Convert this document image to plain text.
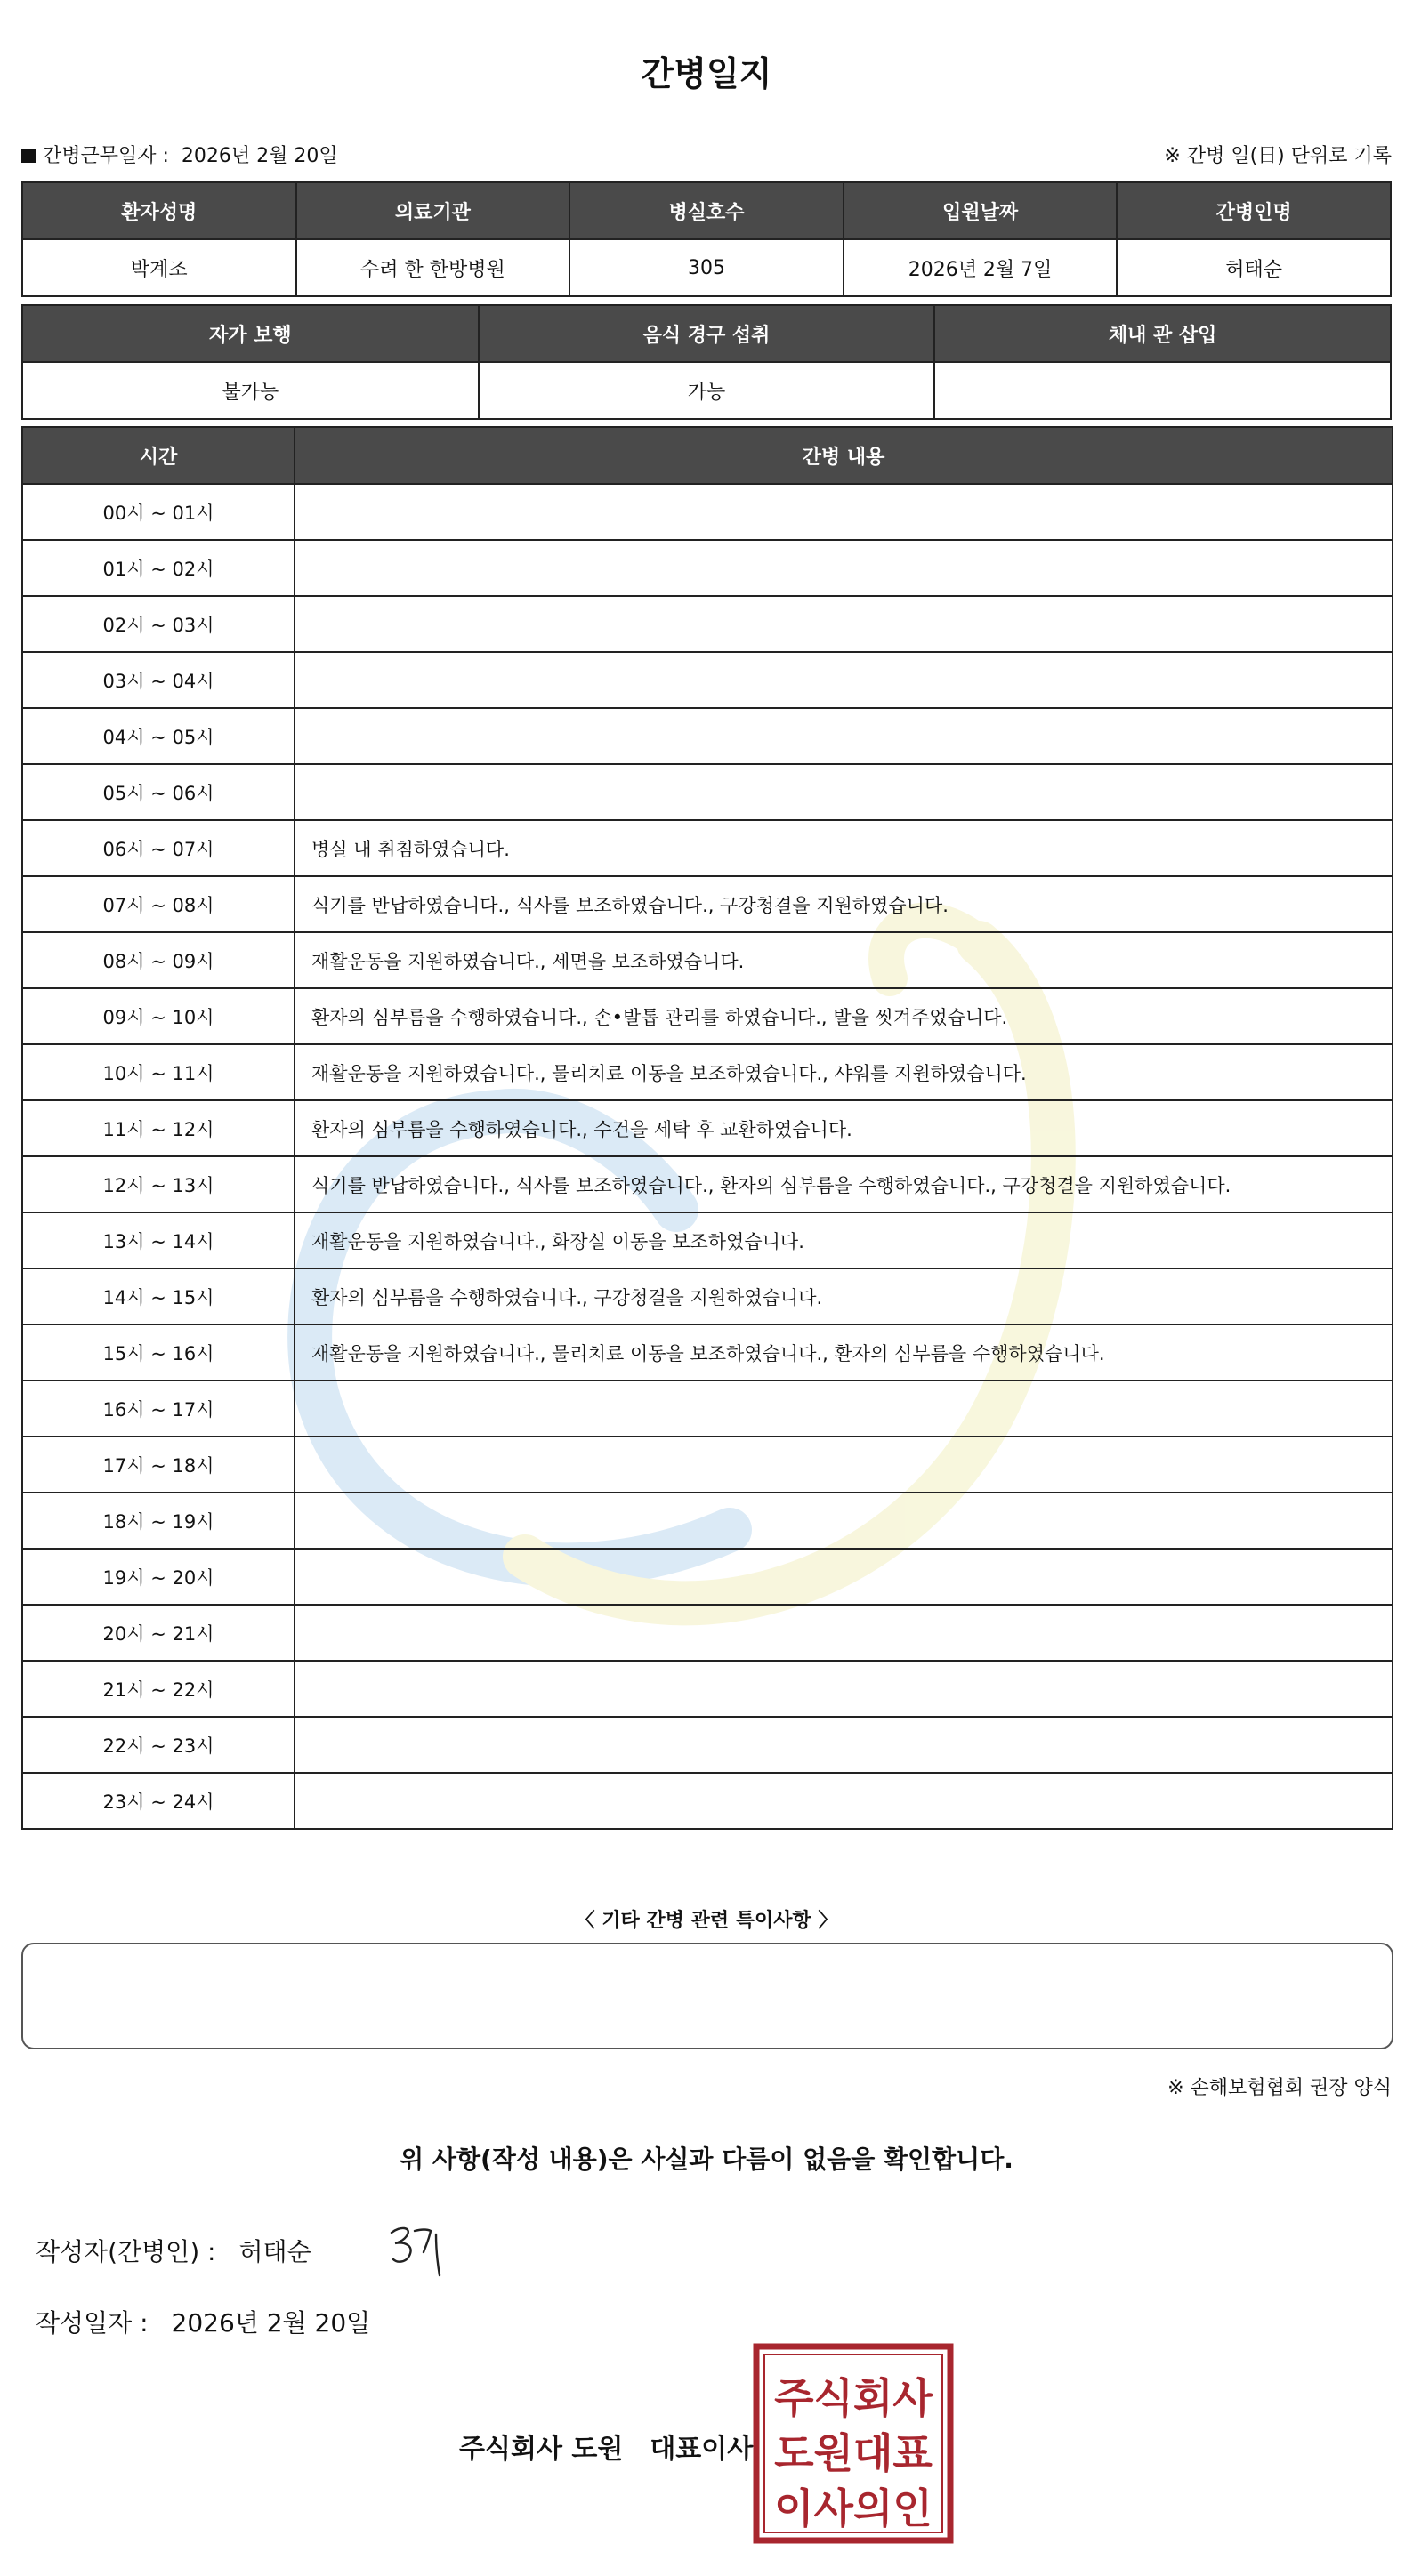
간병일지
간병근무일자 : 2026년 2월 20일	※ 간병 일(日) 단위로 기록
환자성명	의료기관	병실호수	입원날짜	간병인명
박계조	수려 한 한방병원	305	2026년 2월 7일	허태순
자가 보행	음식 경구 섭취	체내 관 삽입
불가능	가능	
시간	간병 내용
00시 ~ 01시	
01시 ~ 02시	
02시 ~ 03시	
03시 ~ 04시	
04시 ~ 05시	
05시 ~ 06시	
06시 ~ 07시	병실 내 취침하였습니다.
07시 ~ 08시	식기를 반납하였습니다., 식사를 보조하였습니다., 구강청결을 지원하였습니다.
08시 ~ 09시	재활운동을 지원하였습니다., 세면을 보조하였습니다.
09시 ~ 10시	환자의 심부름을 수행하였습니다., 손•발톱 관리를 하였습니다., 발을 씻겨주었습니다.
10시 ~ 11시	재활운동을 지원하였습니다., 물리치료 이동을 보조하였습니다., 샤워를 지원하였습니다.
11시 ~ 12시	환자의 심부름을 수행하였습니다., 수건을 세탁 후 교환하였습니다.
12시 ~ 13시	식기를 반납하였습니다., 식사를 보조하였습니다., 환자의 심부름을 수행하였습니다., 구강청결을 지원하였습니다.
13시 ~ 14시	재활운동을 지원하였습니다., 화장실 이동을 보조하였습니다.
14시 ~ 15시	환자의 심부름을 수행하였습니다., 구강청결을 지원하였습니다.
15시 ~ 16시	재활운동을 지원하였습니다., 물리치료 이동을 보조하였습니다., 환자의 심부름을 수행하였습니다.
16시 ~ 17시	
17시 ~ 18시	
18시 ~ 19시	
19시 ~ 20시	
20시 ~ 21시	
21시 ~ 22시	
22시 ~ 23시	
23시 ~ 24시	
〈 기타 간병 관련 특이사항 〉
※ 손해보험협회 권장 양식
위 사항(작성 내용)은 사실과 다름이 없음을 확인합니다.
작성자(간병인) : 허태순
작성일자 : 2026년 2월 20일
주식회사 도원 대표이사
주식회사
도원대표
이사의인
